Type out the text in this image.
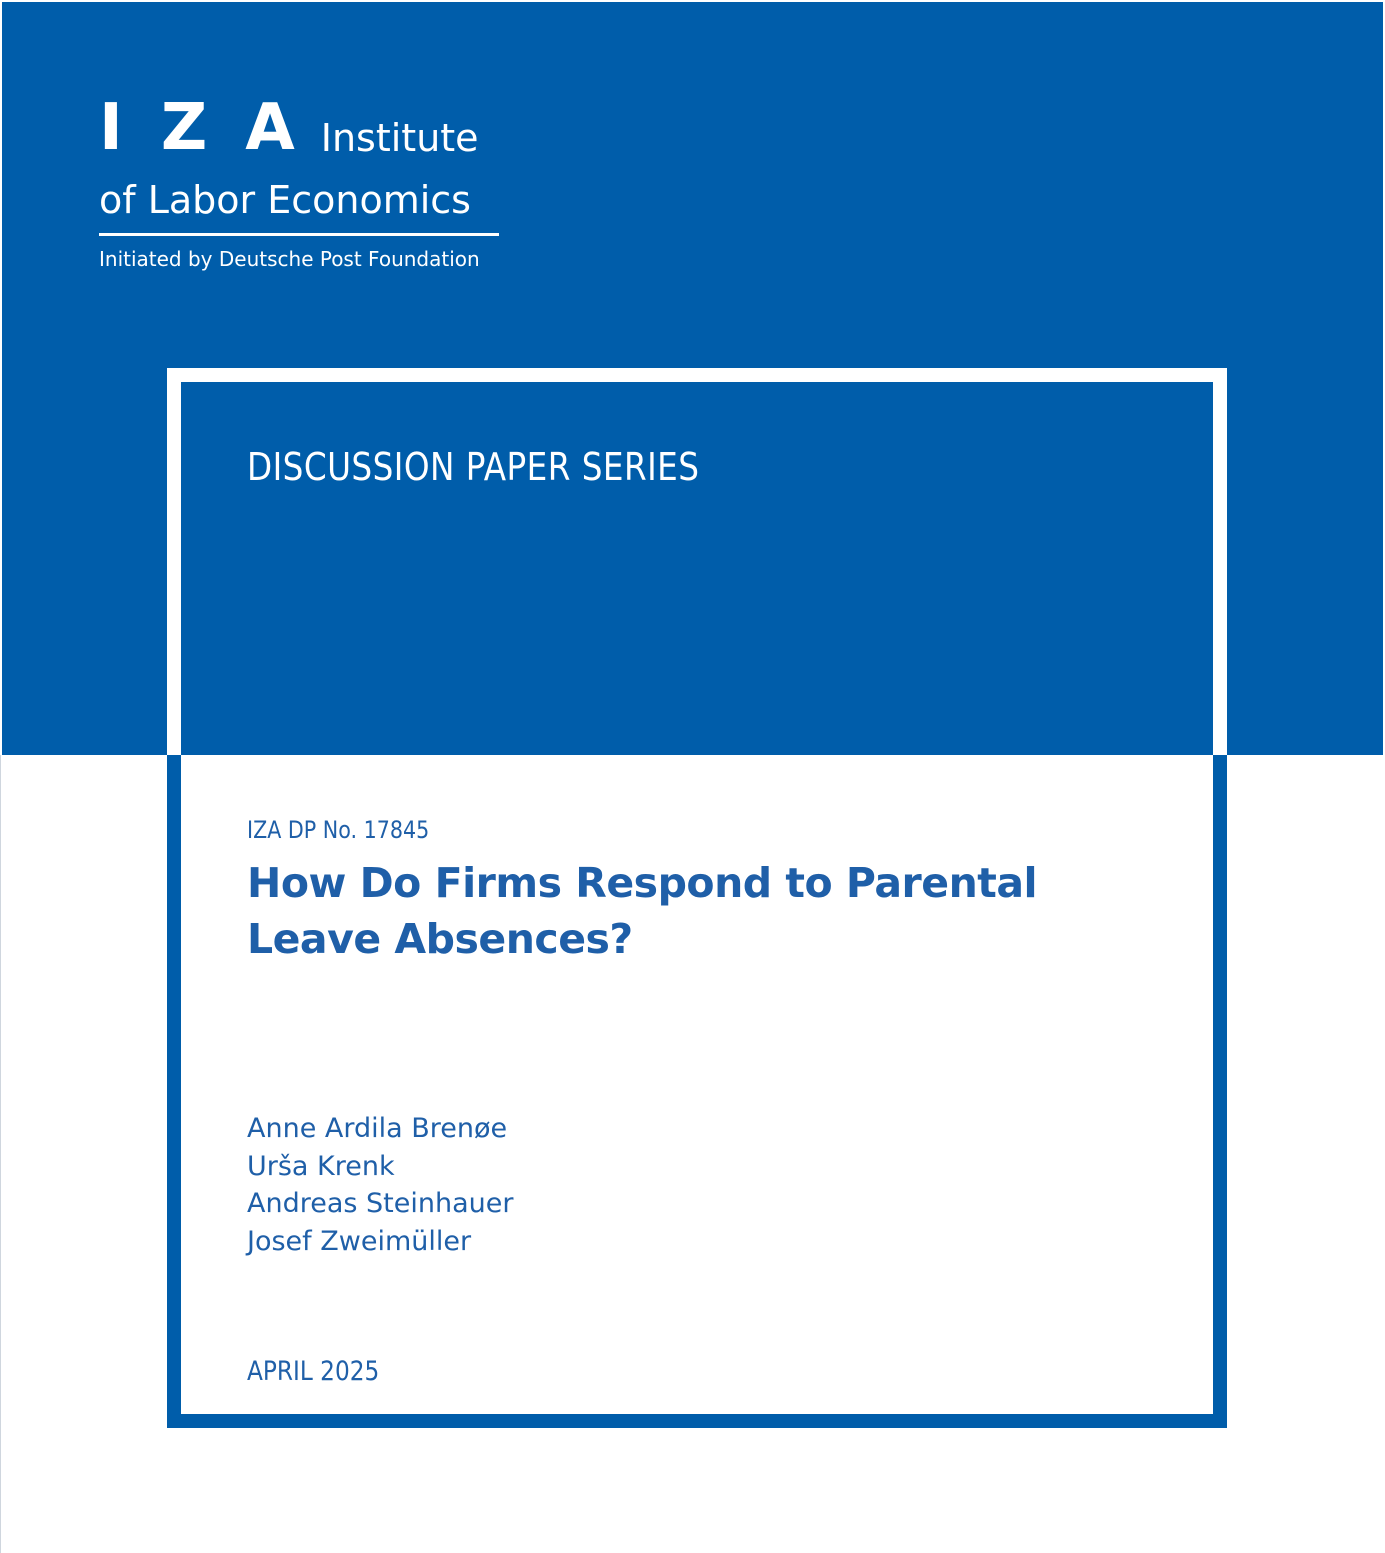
IZA
Institute
of Labor Economics
Initiated by Deutsche Post Foundation
DISCUSSION PAPER SERIES
IZA DP No. 17845
How Do Firms Respond to Parental Leave Absences?
Anne Ardila Brenøe
Urša Krenk
Andreas Steinhauer
Josef Zweimüller
APRIL 2025
